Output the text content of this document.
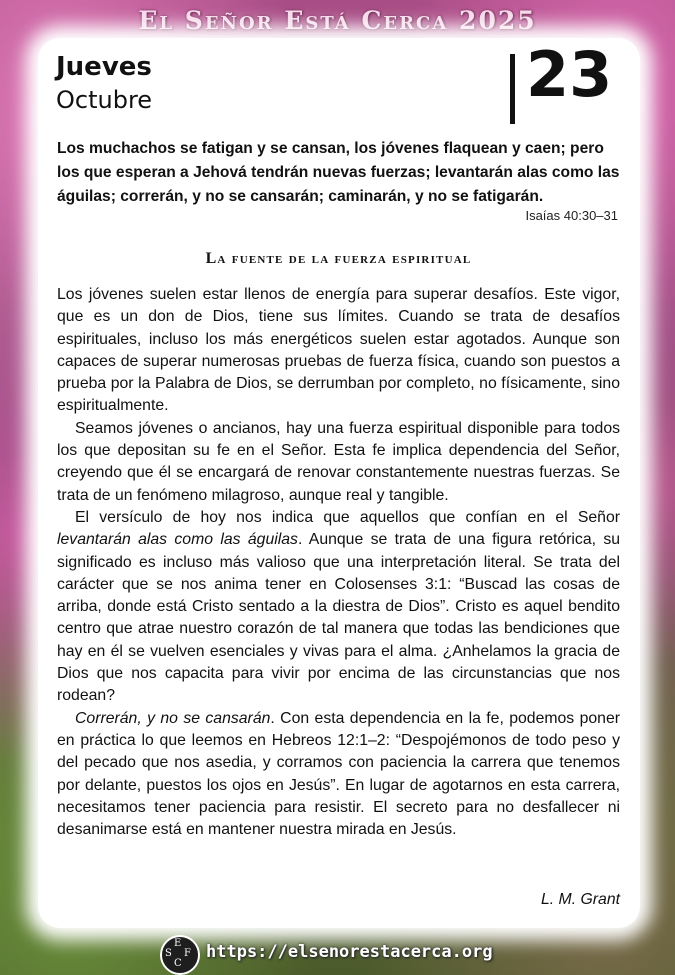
El Señor Está Cerca 2025
Jueves
Octubre	23
Los muchachos se fatigan y se cansan, los jóvenes flaquean y caen; pero los que esperan a Jehová tendrán nuevas fuerzas; levantarán alas como las águilas; correrán, y no se cansarán; caminarán, y no se fatigarán.
Isaías 40:30–31
La fuente de la fuerza espiritual

Los jóvenes suelen estar llenos de energía para superar desafíos. Este vigor, que es un don de Dios, tiene sus límites. Cuando se trata de desafíos espirituales, incluso los más energéticos suelen estar agotados. Aunque son capaces de superar numerosas pruebas de fuerza física, cuando son puestos a prueba por la Palabra de Dios, se derrumban por completo, no físicamente, sino espiritualmente.

Seamos jóvenes o ancianos, hay una fuerza espiritual disponible para todos los que depositan su fe en el Señor. Esta fe implica dependencia del Señor, creyendo que él se encargará de renovar constantemente nuestras fuerzas. Se trata de un fenómeno milagroso, aunque real y tangible.

El versículo de hoy nos indica que aquellos que confían en el Señor levantarán alas como las águilas. Aunque se trata de una figura retórica, su significado es incluso más valioso que una interpretación literal. Se trata del carácter que se nos anima tener en Colosenses 3:1: “Buscad las cosas de arriba, donde está Cristo sentado a la diestra de Dios”. Cristo es aquel bendito centro que atrae nuestro corazón de tal manera que todas las bendiciones que hay en él se vuelven esenciales y vivas para el alma. ¿Anhelamos la gracia de Dios que nos capacita para vivir por encima de las circunstancias que nos rodean?

Correrán, y no se cansarán. Con esta dependencia en la fe, podemos poner en práctica lo que leemos en Hebreos 12:1–2: “Despojémonos de todo peso y del pecado que nos asedia, y corramos con paciencia la carrera que tenemos por delante, puestos los ojos en Jesús”. En lugar de agotarnos en esta carrera, necesitamos tener paciencia para resistir. El secreto para no desfallecer ni desanimarse está en mantener nuestra mirada en Jesús.

L. M. Grant
E
S F
C
https://elsenorestacerca.org
